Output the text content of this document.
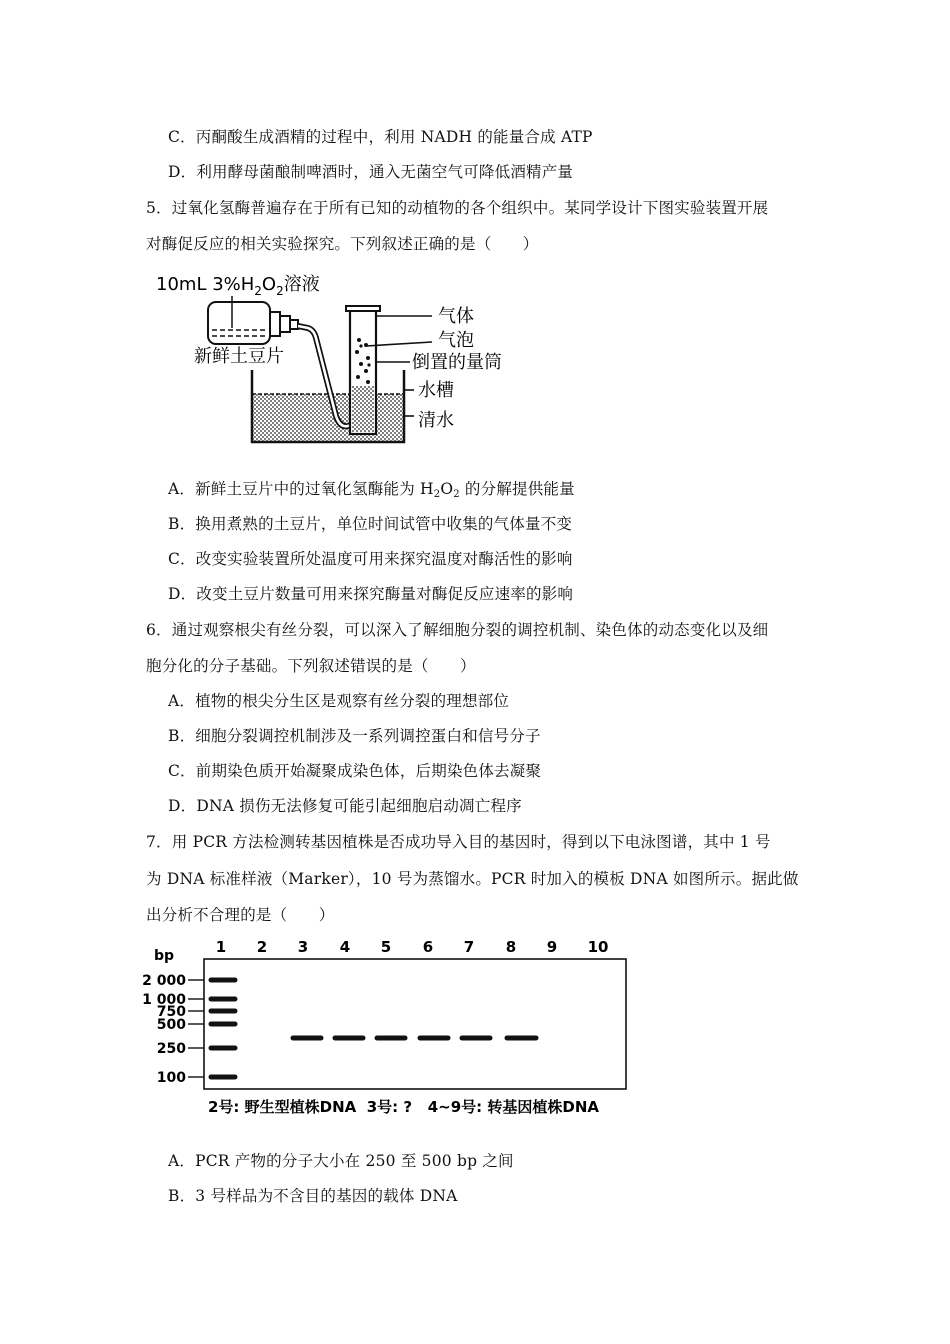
C．丙酮酸生成酒精的过程中，利用 NADH 的能量合成 ATP
D．利用酵母菌酿制啤酒时，通入无菌空气可降低酒精产量
5．过氧化氢酶普遍存在于所有已知的动植物的各个组织中。某同学设计下图实验装置开展
对酶促反应的相关实验探究。下列叙述正确的是（　　）
10mL $3\%H_2O_2$溶液
气体
气泡
倒置的量筒
水槽
清水
新鲜土豆片
A．新鲜土豆片中的过氧化氢酶能为 $H_2O_2$ 的分解提供能量
B．换用煮熟的土豆片，单位时间试管中收集的气体量不变
C．改变实验装置所处温度可用来探究温度对酶活性的影响
D．改变土豆片数量可用来探究酶量对酶促反应速率的影响
6．通过观察根尖有丝分裂，可以深入了解细胞分裂的调控机制、染色体的动态变化以及细
胞分化的分子基础。下列叙述错误的是（　　）
A．植物的根尖分生区是观察有丝分裂的理想部位
B．细胞分裂调控机制涉及一系列调控蛋白和信号分子
C．前期染色质开始凝聚成染色体，后期染色体去凝聚
D．DNA 损伤无法修复可能引起细胞启动凋亡程序
7．用 PCR 方法检测转基因植株是否成功导入目的基因时，得到以下电泳图谱，其中 1 号
为 DNA 标准样液（Marker），10 号为蒸馏水。PCR 时加入的模板 DNA 如图所示。据此做
出分析不合理的是（　　）
bp	1 2 3 4 5 6 7 8 9 10
2 000
1 000
750
500
250
100
2号: 野生型植株DNA  3号: ?   4~9号: 转基因植株DNA
A．PCR 产物的分子大小在 250 至 500 bp 之间
B．3 号样品为不含目的基因的载体 DNA
